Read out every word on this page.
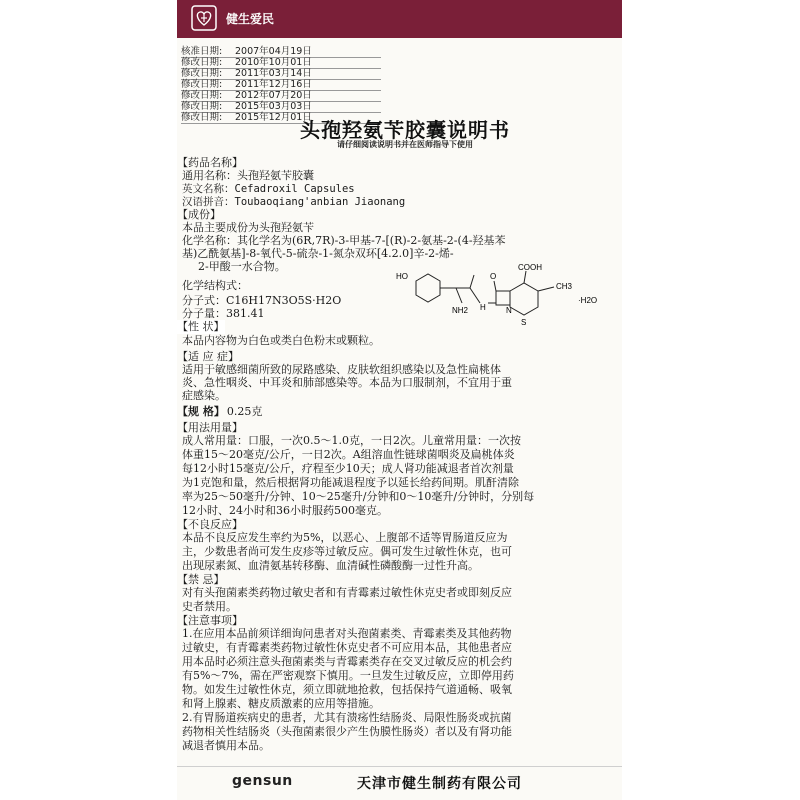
健生爱民
核准日期: 2007年04月19日
修改日期: 2010年10月01日
修改日期: 2011年03月14日
修改日期: 2011年12月16日
修改日期: 2012年07月20日
修改日期: 2015年03月03日
修改日期: 2015年12月01日
头孢羟氨苄胶囊说明书
请仔细阅读说明书并在医师指导下使用
【药品名称】
通用名称：头孢羟氨苄胶囊
英文名称：Cefadroxil Capsules
汉语拼音：Toubaoqiang'anbian Jiaonang
【成份】
本品主要成份为头孢羟氨苄
化学名称：其化学名为(6R,7R)-3-甲基-7-[(R)-2-氨基-2-(4-羟基苯
基)乙酰氨基]-8-氧代-5-硫杂-1-氮杂双环[4.2.0]辛-2-烯-
2-甲酸一水合物。
化学结构式：
分子式：C16H17N3O5S·H2O
分子量：381.41
HO
NH2 H	N
O
S
COOH
CH3
·H2O
【性 状】
本品内容物为白色或类白色粉末或颗粒。
【适 应 症】
适用于敏感细菌所致的尿路感染、皮肤软组织感染以及急性扁桃体
炎、急性咽炎、中耳炎和肺部感染等。本品为口服制剂，不宜用于重
症感染。
【规 格】 0.25克
【用法用量】
成人常用量：口服，一次0.5～1.0克，一日2次。儿童常用量：一次按
体重15～20毫克/公斤，一日2次。A组溶血性链球菌咽炎及扁桃体炎
每12小时15毫克/公斤，疗程至少10天；成人肾功能减退者首次剂量
为1克饱和量，然后根据肾功能减退程度予以延长给药间期。肌酐清除
率为25～50毫升/分钟、10～25毫升/分钟和0～10毫升/分钟时，分别每
12小时、24小时和36小时服药500毫克。
【不良反应】
本品不良反应发生率约为5%，以恶心、上腹部不适等胃肠道反应为
主，少数患者尚可发生皮疹等过敏反应。偶可发生过敏性休克，也可
出现尿素氮、血清氨基转移酶、血清碱性磷酸酶一过性升高。
【禁 忌】
对有头孢菌素类药物过敏史者和有青霉素过敏性休克史者或即刻反应
史者禁用。
【注意事项】
1.在应用本品前须详细询问患者对头孢菌素类、青霉素类及其他药物
过敏史，有青霉素类药物过敏性休克史者不可应用本品，其他患者应
用本品时必须注意头孢菌素类与青霉素类存在交叉过敏反应的机会约
有5%～7%，需在严密观察下慎用。一旦发生过敏反应，立即停用药
物。如发生过敏性休克，须立即就地抢救，包括保持气道通畅、吸氧
和肾上腺素、糖皮质激素的应用等措施。
2.有胃肠道疾病史的患者，尤其有溃疡性结肠炎、局限性肠炎或抗菌
药物相关性结肠炎（头孢菌素很少产生伪膜性肠炎）者以及有肾功能
减退者慎用本品。
gensun	天津市健生制药有限公司
